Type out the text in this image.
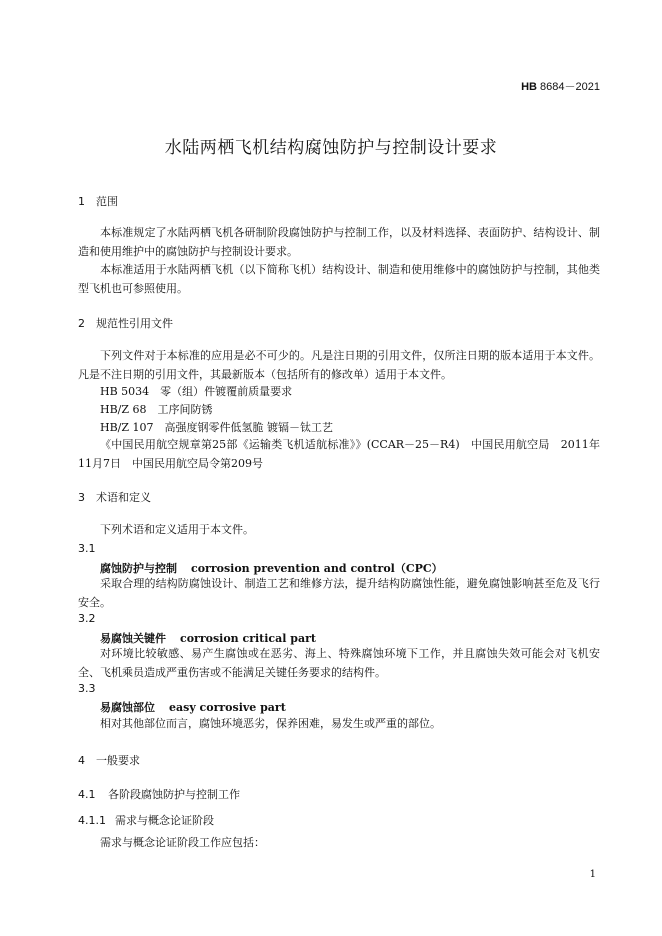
HB 8684－2021
水陆两栖飞机结构腐蚀防护与控制设计要求
1 范围
本标准规定了水陆两栖飞机各研制阶段腐蚀防护与控制工作，以及材料选择、表面防护、结构设计、制造和使用维护中的腐蚀防护与控制设计要求。
本标准适用于水陆两栖飞机（以下简称飞机）结构设计、制造和使用维修中的腐蚀防护与控制，其他类型飞机也可参照使用。
2 规范性引用文件
下列文件对于本标准的应用是必不可少的。凡是注日期的引用文件，仅所注日期的版本适用于本文件。凡是不注日期的引用文件，其最新版本（包括所有的修改单）适用于本文件。
HB 5034　零（组）件镀覆前质量要求
HB/Z 68　工序间防锈
HB/Z 107　高强度钢零件低氢脆 镀镉－钛工艺
《中国民用航空规章第25部《运输类飞机适航标准》》(CCAR－25－R4)　中国民用航空局　2011年11月7日　中国民用航空局令第209号
3 术语和定义
下列术语和定义适用于本文件。
3.1
腐蚀防护与控制 corrosion prevention and control（CPC）
采取合理的结构防腐蚀设计、制造工艺和维修方法，提升结构防腐蚀性能，避免腐蚀影响甚至危及飞行安全。
3.2
易腐蚀关键件 corrosion critical part
对环境比较敏感、易产生腐蚀或在恶劣、海上、特殊腐蚀环境下工作，并且腐蚀失效可能会对飞机安全、飞机乘员造成严重伤害或不能满足关键任务要求的结构件。
3.3
易腐蚀部位 easy corrosive part
相对其他部位而言，腐蚀环境恶劣，保养困难，易发生或严重的部位。
4 一般要求
4.1 各阶段腐蚀防护与控制工作
4.1.1 需求与概念论证阶段
需求与概念论证阶段工作应包括：
1
